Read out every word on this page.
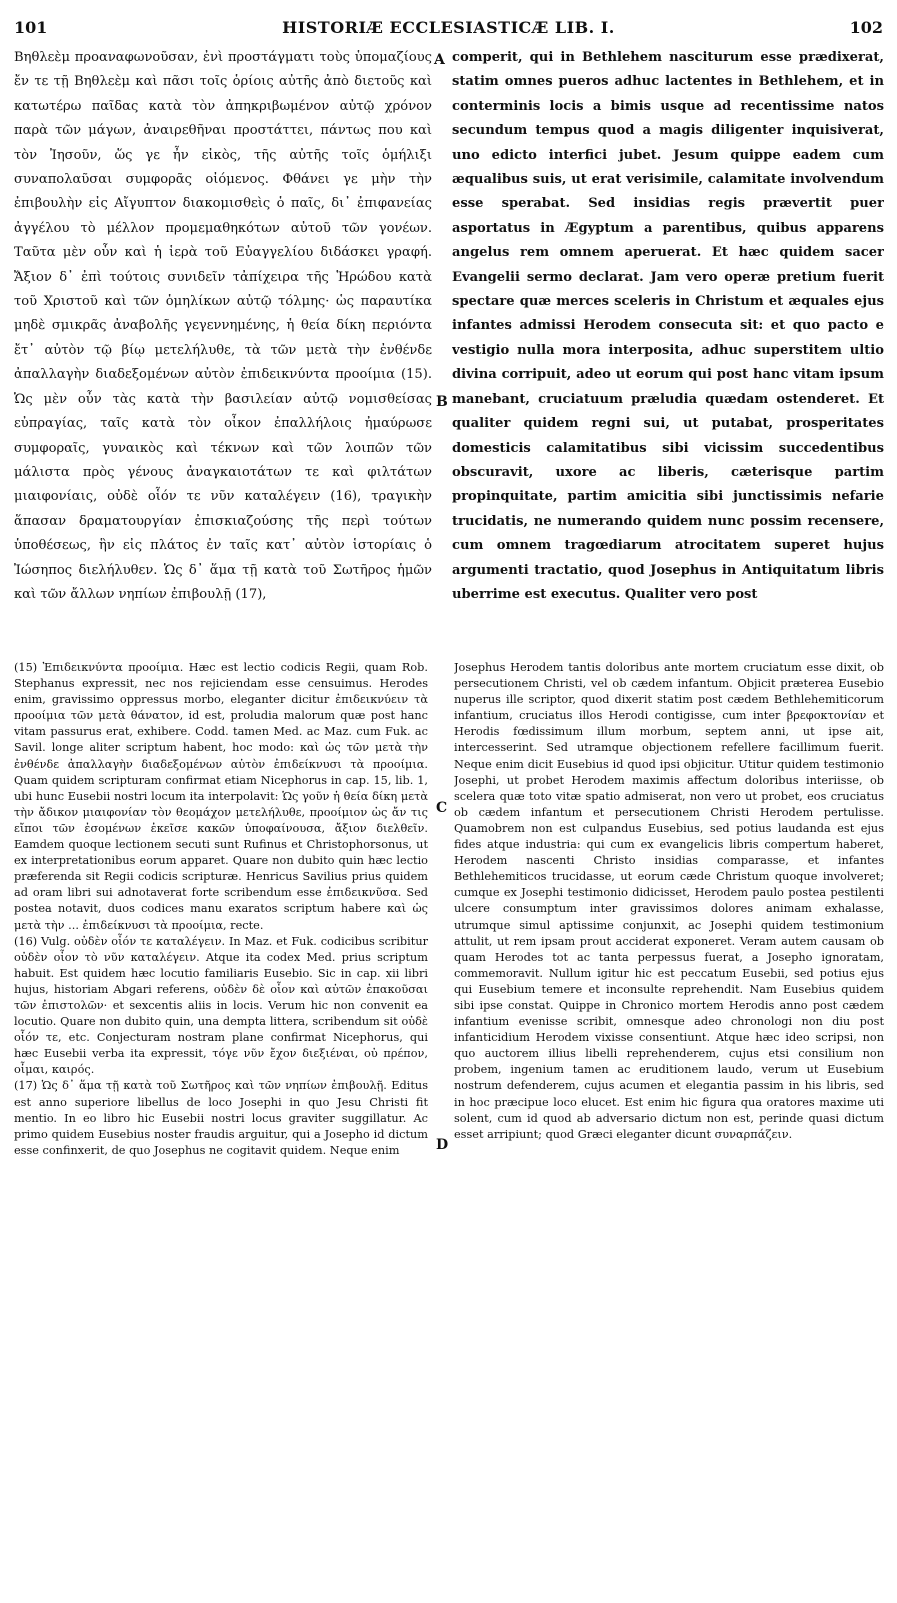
101	HISTORIÆ ECCLESIASTICÆ LIB. I.	102

Βηθλεὲμ προαναφωνοῦσαν, ἐνὶ προστάγματι τοὺς ὑπομαζίους ἔν τε τῇ Βηθλεὲμ καὶ πᾶσι τοῖς ὁρίοις αὐτῆς ἀπὸ διετοῦς καὶ κατωτέρω παῖδας κατὰ τὸν ἀπηκριβωμένον αὐτῷ χρόνον παρὰ τῶν μάγων, ἀναιρεθῆναι προστάττει, πάντως που καὶ τὸν Ἰησοῦν, ὥς γε ἦν εἰκὸς, τῆς αὐτῆς τοῖς ὁμήλιξι συναπολαῦσαι συμφορᾶς οἰόμενος. Φθάνει γε μὴν τὴν ἐπιβουλὴν εἰς Αἴγυπτον διακομισθεὶς ὁ παῖς, δι᾽ ἐπιφανείας ἀγγέλου τὸ μέλλον προμεμαθηκότων αὐτοῦ τῶν γονέων. Ταῦτα μὲν οὖν καὶ ἡ ἱερὰ τοῦ Εὐαγγελίου διδάσκει γραφή. Ἄξιον δ᾽ ἐπὶ τούτοις συνιδεῖν τἀπίχειρα τῆς Ἡρώδου κατὰ τοῦ Χριστοῦ καὶ τῶν ὁμηλίκων αὐτῷ τόλμης· ὡς παραυτίκα μηδὲ σμικρᾶς ἀναβολῆς γεγεννημένης, ἡ θεία δίκη περιόντα ἔτ᾽ αὐτὸν τῷ βίῳ μετελήλυθε, τὰ τῶν μετὰ τὴν ἐνθένδε ἀπαλλαγὴν διαδεξομένων αὐτὸν ἐπιδεικνύντα προοίμια (15). Ὡς μὲν οὖν τὰς κατὰ τὴν βασιλείαν αὐτῷ νομισθείσας εὐπραγίας, ταῖς κατὰ τὸν οἶκον ἐπαλλήλοις ἠμαύρωσε συμφοραῖς, γυναικὸς καὶ τέκνων καὶ τῶν λοιπῶν τῶν μάλιστα πρὸς γένους ἀναγκαιοτάτων τε καὶ φιλτάτων μιαιφονίαις, οὐδὲ οἷόν τε νῦν καταλέγειν (16), τραγικὴν ἅπασαν δραματουργίαν ἐπισκιαζούσης τῆς περὶ τούτων ὑποθέσεως, ἣν εἰς πλάτος ἐν ταῖς κατ᾽ αὐτὸν ἱστορίαις ὁ Ἰώσηπος διελήλυθεν. Ὡς δ᾽ ἅμα τῇ κατὰ τοῦ Σωτῆρος ἡμῶν καὶ τῶν ἄλλων νηπίων ἐπιβουλῇ (17),

A
B
C
D

comperit, qui in Bethlehem nasciturum esse prædixerat, statim omnes pueros adhuc lactentes in Bethlehem, et in conterminis locis a bimis usque ad recentissime natos secundum tempus quod a magis diligenter inquisiverat, uno edicto interfici jubet. Jesum quippe eadem cum æqualibus suis, ut erat verisimile, calamitate involvendum esse sperabat. Sed insidias regis prævertit puer asportatus in Ægyptum a parentibus, quibus apparens angelus rem omnem aperuerat. Et hæc quidem sacer Evangelii sermo declarat. Jam vero operæ pretium fuerit spectare quæ merces sceleris in Christum et æquales ejus infantes admissi Herodem consecuta sit: et quo pacto e vestigio nulla mora interposita, adhuc superstitem ultio divina corripuit, adeo ut eorum qui post hanc vitam ipsum manebant, cruciatuum præludia quædam ostenderet. Et qualiter quidem regni sui, ut putabat, prosperitates domesticis calamitatibus sibi vicissim succedentibus obscuravit, uxore ac liberis, cæterisque partim propinquitate, partim amicitia sibi junctissimis nefarie trucidatis, ne numerando quidem nunc possim recensere, cum omnem tragœdiarum atrocitatem superet hujus argumenti tractatio, quod Josephus in Antiquitatum libris uberrime est executus. Qualiter vero post

(15) Ἐπιδεικνύντα προοίμια. Hæc est lectio codicis Regii, quam Rob. Stephanus expressit, nec nos rejiciendam esse censuimus. Herodes enim, gravissimo oppressus morbo, eleganter dicitur ἐπιδεικνύειν τὰ προοίμια τῶν μετὰ θάνατον, id est, proludia malorum quæ post hanc vitam passurus erat, exhibere. Codd. tamen Med. ac Maz. cum Fuk. ac Savil. longe aliter scriptum habent, hoc modo: καὶ ὡς τῶν μετὰ τὴν ἐνθένδε ἀπαλλαγὴν διαδεξομένων αὐτὸν ἐπιδείκνυσι τὰ προοίμια. Quam quidem scripturam confirmat etiam Nicephorus in cap. 15, lib. 1, ubi hunc Eusebii nostri locum ita interpolavit: Ὡς γοῦν ἡ θεία δίκη μετὰ τὴν ἄδικον μιαιφονίαν τὸν θεομάχον μετελήλυθε, προοίμιον ὡς ἄν τις εἴποι τῶν ἐσομένων ἐκεῖσε κακῶν ὑποφαίνουσα, ἄξιον διελθεῖν. Eamdem quoque lectionem secuti sunt Rufinus et Christophorsonus, ut ex interpretationibus eorum apparet. Quare non dubito quin hæc lectio præferenda sit Regii codicis scripturæ. Henricus Savilius prius quidem ad oram libri sui adnotaverat forte scribendum esse ἐπιδεικνῦσα. Sed postea notavit, duos codices manu exaratos scriptum habere καὶ ὡς μετὰ τὴν ... ἐπιδείκνυσι τὰ προοίμια, recte.

(16) Vulg. οὐδὲν οἷόν τε καταλέγειν. In Maz. et Fuk. codicibus scribitur οὐδὲν οἷον τὸ νῦν καταλέγειν. Atque ita codex Med. prius scriptum habuit. Est quidem hæc locutio familiaris Eusebio. Sic in cap. xii libri hujus, historiam Abgari referens, οὐδὲν δὲ οἷον καὶ αὐτῶν ἐπακοῦσαι τῶν ἐπιστολῶν· et sexcentis aliis in locis. Verum hic non convenit ea locutio. Quare non dubito quin, una dempta littera, scribendum sit οὐδὲ οἷόν τε, etc. Conjecturam nostram plane confirmat Nicephorus, qui hæc Eusebii verba ita expressit, τόγε νῦν ἔχον διεξιέναι, οὐ πρέπον, οἶμαι, καιρός.

(17) Ὡς δ᾽ ἅμα τῇ κατὰ τοῦ Σωτῆρος καὶ τῶν νηπίων ἐπιβουλῇ. Editus est anno superiore libellus de loco Josephi in quo Jesu Christi fit mentio. In eo libro hic Eusebii nostri locus graviter suggillatur. Ac primo quidem Eusebius noster fraudis arguitur, qui a Josepho id dictum esse confinxerit, de quo Josephus ne cogitavit quidem. Neque enim

Josephus Herodem tantis doloribus ante mortem cruciatum esse dixit, ob persecutionem Christi, vel ob cædem infantum. Objicit præterea Eusebio nuperus ille scriptor, quod dixerit statim post cædem Bethlehemiticorum infantium, cruciatus illos Herodi contigisse, cum inter βρεφοκτονίαν et Herodis fœdissimum illum morbum, septem anni, ut ipse ait, intercesserint. Sed utramque objectionem refellere facillimum fuerit. Neque enim dicit Eusebius id quod ipsi objicitur. Utitur quidem testimonio Josephi, ut probet Herodem maximis affectum doloribus interiisse, ob scelera quæ toto vitæ spatio admiserat, non vero ut probet, eos cruciatus ob cædem infantum et persecutionem Christi Herodem pertulisse. Quamobrem non est culpandus Eusebius, sed potius laudanda est ejus fides atque industria: qui cum ex evangelicis libris compertum haberet, Herodem nascenti Christo insidias comparasse, et infantes Bethlehemiticos trucidasse, ut eorum cæde Christum quoque involveret; cumque ex Josephi testimonio didicisset, Herodem paulo postea pestilenti ulcere consumptum inter gravissimos dolores animam exhalasse, utrumque simul aptissime conjunxit, ac Josephi quidem testimonium attulit, ut rem ipsam prout acciderat exponeret. Veram autem causam ob quam Herodes tot ac tanta perpessus fuerat, a Josepho ignoratam, commemoravit. Nullum igitur hic est peccatum Eusebii, sed potius ejus qui Eusebium temere et inconsulte reprehendit. Nam Eusebius quidem sibi ipse constat. Quippe in Chronico mortem Herodis anno post cædem infantium evenisse scribit, omnesque adeo chronologi non diu post infanticidium Herodem vixisse consentiunt. Atque hæc ideo scripsi, non quo auctorem illius libelli reprehenderem, cujus etsi consilium non probem, ingenium tamen ac eruditionem laudo, verum ut Eusebium nostrum defenderem, cujus acumen et elegantia passim in his libris, sed in hoc præcipue loco elucet. Est enim hic figura qua oratores maxime uti solent, cum id quod ab adversario dictum non est, perinde quasi dictum esset arripiunt; quod Græci eleganter dicunt συναρπάζειν.
